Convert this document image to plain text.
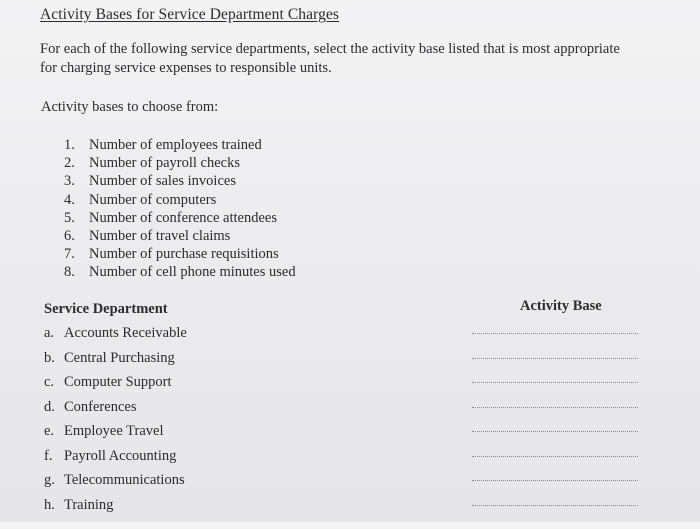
Activity Bases for Service Department Charges
For each of the following service departments, select the activity base listed that is most appropriate for charging service expenses to responsible units.
Activity bases to choose from:
1. Number of employees trained
2. Number of payroll checks
3. Number of sales invoices
4. Number of computers
5. Number of conference attendees
6. Number of travel claims
7. Number of purchase requisitions
8. Number of cell phone minutes used
Service Department	Activity Base
a. Accounts Receivable
b. Central Purchasing
c. Computer Support
d. Conferences
e. Employee Travel
f. Payroll Accounting
g. Telecommunications
h. Training
